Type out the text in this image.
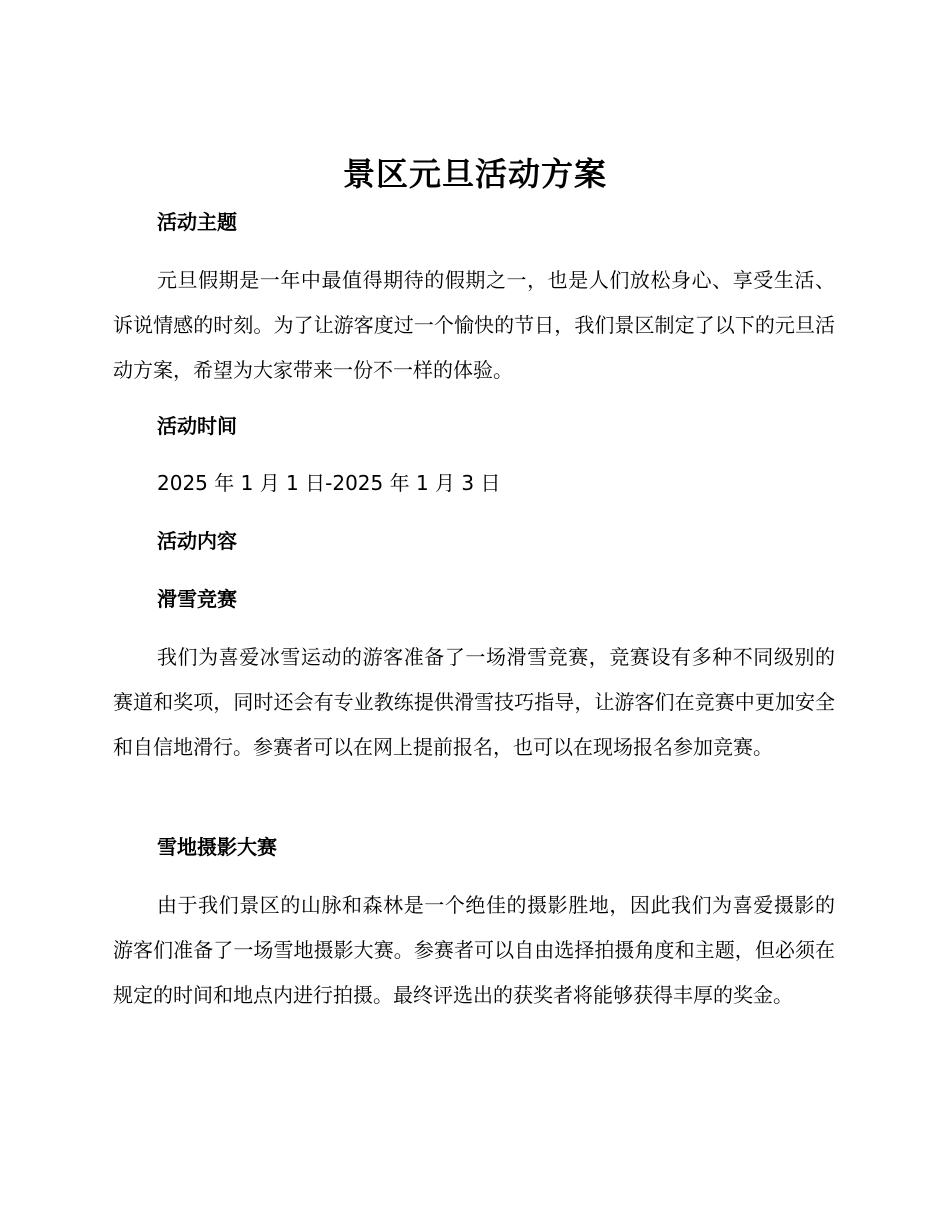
景区元旦活动方案
活动主题

元旦假期是一年中最值得期待的假期之一，也是人们放松身心、享受生活、诉说情感的时刻。为了让游客度过一个愉快的节日，我们景区制定了以下的元旦活动方案，希望为大家带来一份不一样的体验。

活动时间
2025 年 1 月 1 日-2025 年 1 月 3 日
活动内容
滑雪竞赛

我们为喜爱冰雪运动的游客准备了一场滑雪竞赛，竞赛设有多种不同级别的赛道和奖项，同时还会有专业教练提供滑雪技巧指导，让游客们在竞赛中更加安全和自信地滑行。参赛者可以在网上提前报名，也可以在现场报名参加竞赛。

雪地摄影大赛

由于我们景区的山脉和森林是一个绝佳的摄影胜地，因此我们为喜爱摄影的游客们准备了一场雪地摄影大赛。参赛者可以自由选择拍摄角度和主题，但必须在规定的时间和地点内进行拍摄。最终评选出的获奖者将能够获得丰厚的奖金。
